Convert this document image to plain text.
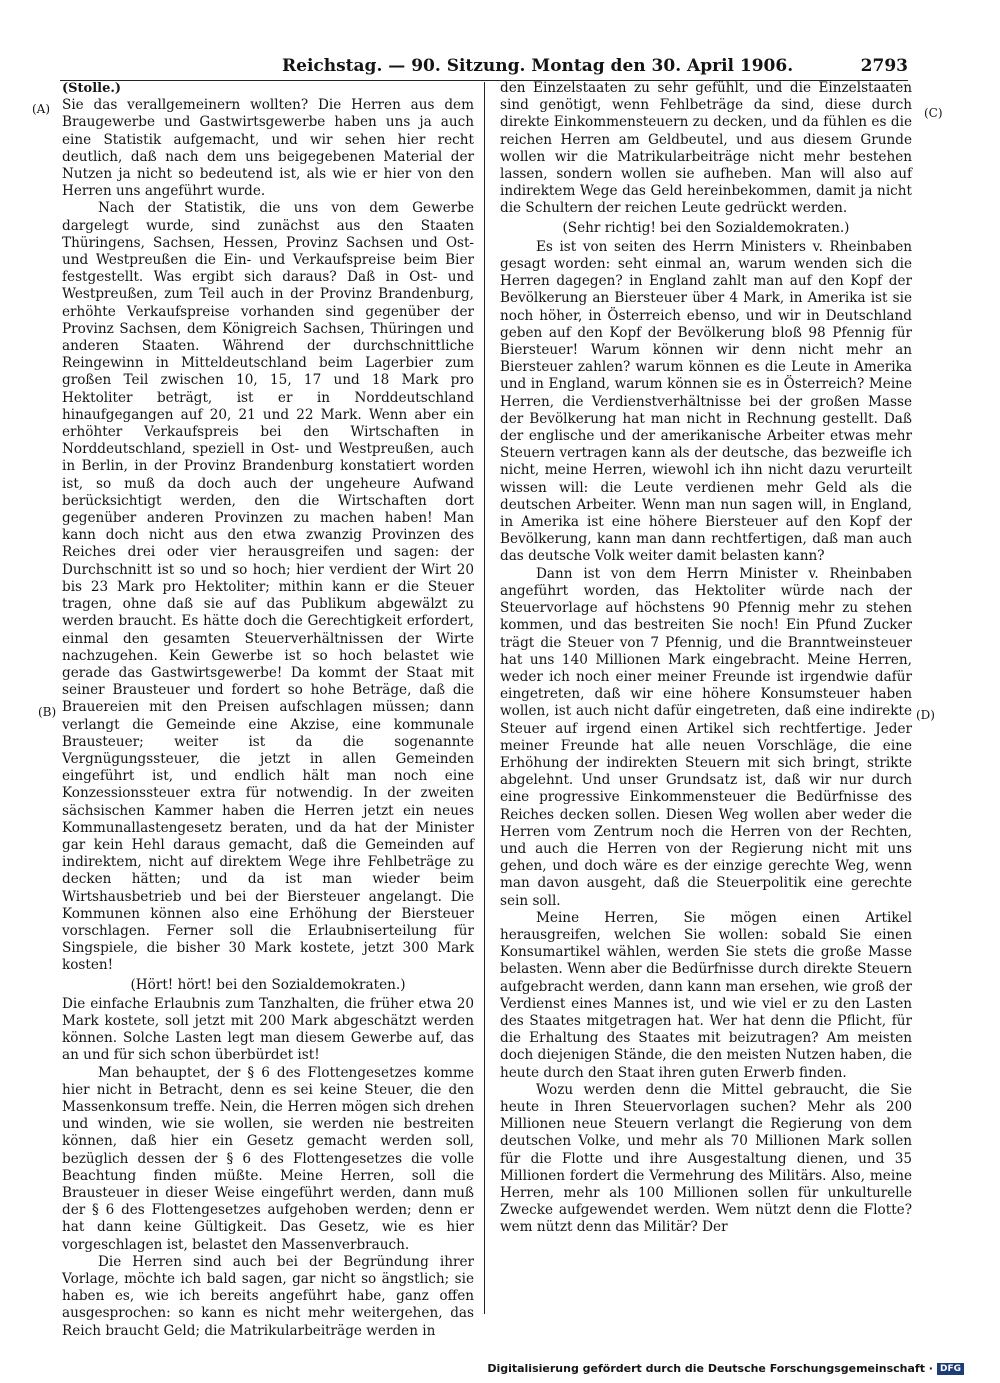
Reichstag. — 90. Sitzung. Montag den 30. April 1906.	2793
(A)
(B)
(C)
(D)

(Stolle.)

Sie das verallgemeinern wollten? Die Herren aus dem Braugewerbe und Gastwirtsgewerbe haben uns ja auch eine Statistik aufgemacht, und wir sehen hier recht deutlich, daß nach dem uns beigegebenen Material der Nutzen ja nicht so bedeutend ist, als wie er hier von den Herren uns angeführt wurde.

Nach der Statistik, die uns von dem Gewerbe dargelegt wurde, sind zunächst aus den Staaten Thüringens, Sachsen, Hessen, Provinz Sachsen und Ost- und Westpreußen die Ein- und Verkaufspreise beim Bier festgestellt. Was ergibt sich daraus? Daß in Ost- und Westpreußen, zum Teil auch in der Provinz Brandenburg, erhöhte Verkaufspreise vorhanden sind gegenüber der Provinz Sachsen, dem Königreich Sachsen, Thüringen und anderen Staaten. Während der durchschnittliche Reingewinn in Mitteldeutschland beim Lagerbier zum großen Teil zwischen 10, 15, 17 und 18 Mark pro Hektoliter beträgt, ist er in Norddeutschland hinaufgegangen auf 20, 21 und 22 Mark. Wenn aber ein erhöhter Verkaufspreis bei den Wirtschaften in Norddeutschland, speziell in Ost- und Westpreußen, auch in Berlin, in der Provinz Brandenburg konstatiert worden ist, so muß da doch auch der ungeheure Aufwand berücksichtigt werden, den die Wirtschaften dort gegenüber anderen Provinzen zu machen haben! Man kann doch nicht aus den etwa zwanzig Provinzen des Reiches drei oder vier herausgreifen und sagen: der Durchschnitt ist so und so hoch; hier verdient der Wirt 20 bis 23 Mark pro Hektoliter; mithin kann er die Steuer tragen, ohne daß sie auf das Publikum abgewälzt zu werden braucht. Es hätte doch die Gerechtigkeit erfordert, einmal den gesamten Steuerverhältnissen der Wirte nachzugehen. Kein Gewerbe ist so hoch belastet wie gerade das Gastwirtsgewerbe! Da kommt der Staat mit seiner Brausteuer und fordert so hohe Beträge, daß die Brauereien mit den Preisen aufschlagen müssen; dann verlangt die Gemeinde eine Akzise, eine kommunale Brausteuer; weiter ist da die sogenannte Vergnügungssteuer, die jetzt in allen Gemeinden eingeführt ist, und endlich hält man noch eine Konzessionssteuer extra für notwendig. In der zweiten sächsischen Kammer haben die Herren jetzt ein neues Kommunallastengesetz beraten, und da hat der Minister gar kein Hehl daraus gemacht, daß die Gemeinden auf indirektem, nicht auf direktem Wege ihre Fehlbeträge zu decken hätten; und da ist man wieder beim Wirtshausbetrieb und bei der Biersteuer angelangt. Die Kommunen können also eine Erhöhung der Biersteuer vorschlagen. Ferner soll die Erlaubniserteilung für Singspiele, die bisher 30 Mark kostete, jetzt 300 Mark kosten!

(Hört! hört! bei den Sozialdemokraten.)

Die einfache Erlaubnis zum Tanzhalten, die früher etwa 20 Mark kostete, soll jetzt mit 200 Mark abgeschätzt werden können. Solche Lasten legt man diesem Gewerbe auf, das an und für sich schon überbürdet ist!

Man behauptet, der § 6 des Flottengesetzes komme hier nicht in Betracht, denn es sei keine Steuer, die den Massenkonsum treffe. Nein, die Herren mögen sich drehen und winden, wie sie wollen, sie werden nie bestreiten können, daß hier ein Gesetz gemacht werden soll, bezüglich dessen der § 6 des Flottengesetzes die volle Beachtung finden müßte. Meine Herren, soll die Brausteuer in dieser Weise eingeführt werden, dann muß der § 6 des Flottengesetzes aufgehoben werden; denn er hat dann keine Gültigkeit. Das Gesetz, wie es hier vorgeschlagen ist, belastet den Massenverbrauch.

Die Herren sind auch bei der Begründung ihrer Vorlage, möchte ich bald sagen, gar nicht so ängstlich; sie haben es, wie ich bereits angeführt habe, ganz offen ausgesprochen: so kann es nicht mehr weitergehen, das Reich braucht Geld; die Matrikularbeiträge werden in

den Einzelstaaten zu sehr gefühlt, und die Einzelstaaten sind genötigt, wenn Fehlbeträge da sind, diese durch direkte Einkommensteuern zu decken, und da fühlen es die reichen Herren am Geldbeutel, und aus diesem Grunde wollen wir die Matrikularbeiträge nicht mehr bestehen lassen, sondern wollen sie aufheben. Man will also auf indirektem Wege das Geld hereinbekommen, damit ja nicht die Schultern der reichen Leute gedrückt werden.

(Sehr richtig! bei den Sozialdemokraten.)

Es ist von seiten des Herrn Ministers v. Rheinbaben gesagt worden: seht einmal an, warum wenden sich die Herren dagegen? in England zahlt man auf den Kopf der Bevölkerung an Biersteuer über 4 Mark, in Amerika ist sie noch höher, in Österreich ebenso, und wir in Deutschland geben auf den Kopf der Bevölkerung bloß 98 Pfennig für Biersteuer! Warum können wir denn nicht mehr an Biersteuer zahlen? warum können es die Leute in Amerika und in England, warum können sie es in Österreich? Meine Herren, die Verdienstverhältnisse bei der großen Masse der Bevölkerung hat man nicht in Rechnung gestellt. Daß der englische und der amerikanische Arbeiter etwas mehr Steuern vertragen kann als der deutsche, das bezweifle ich nicht, meine Herren, wiewohl ich ihn nicht dazu verurteilt wissen will: die Leute verdienen mehr Geld als die deutschen Arbeiter. Wenn man nun sagen will, in England, in Amerika ist eine höhere Biersteuer auf den Kopf der Bevölkerung, kann man dann rechtfertigen, daß man auch das deutsche Volk weiter damit belasten kann?

Dann ist von dem Herrn Minister v. Rheinbaben angeführt worden, das Hektoliter würde nach der Steuervorlage auf höchstens 90 Pfennig mehr zu stehen kommen, und das bestreiten Sie noch! Ein Pfund Zucker trägt die Steuer von 7 Pfennig, und die Branntweinsteuer hat uns 140 Millionen Mark eingebracht. Meine Herren, weder ich noch einer meiner Freunde ist irgendwie dafür eingetreten, daß wir eine höhere Konsumsteuer haben wollen, ist auch nicht dafür eingetreten, daß eine indirekte Steuer auf irgend einen Artikel sich rechtfertige. Jeder meiner Freunde hat alle neuen Vorschläge, die eine Erhöhung der indirekten Steuern mit sich bringt, strikte abgelehnt. Und unser Grundsatz ist, daß wir nur durch eine progressive Einkommensteuer die Bedürfnisse des Reiches decken sollen. Diesen Weg wollen aber weder die Herren vom Zentrum noch die Herren von der Rechten, und auch die Herren von der Regierung nicht mit uns gehen, und doch wäre es der einzige gerechte Weg, wenn man davon ausgeht, daß die Steuerpolitik eine gerechte sein soll.

Meine Herren, Sie mögen einen Artikel herausgreifen, welchen Sie wollen: sobald Sie einen Konsumartikel wählen, werden Sie stets die große Masse belasten. Wenn aber die Bedürfnisse durch direkte Steuern aufgebracht werden, dann kann man ersehen, wie groß der Verdienst eines Mannes ist, und wie viel er zu den Lasten des Staates mitgetragen hat. Wer hat denn die Pflicht, für die Erhaltung des Staates mit beizutragen? Am meisten doch diejenigen Stände, die den meisten Nutzen haben, die heute durch den Staat ihren guten Erwerb finden.

Wozu werden denn die Mittel gebraucht, die Sie heute in Ihren Steuervorlagen suchen? Mehr als 200 Millionen neue Steuern verlangt die Regierung von dem deutschen Volke, und mehr als 70 Millionen Mark sollen für die Flotte und ihre Ausgestaltung dienen, und 35 Millionen fordert die Vermehrung des Militärs. Also, meine Herren, mehr als 100 Millionen sollen für unkulturelle Zwecke aufgewendet werden. Wem nützt denn die Flotte? wem nützt denn das Militär? Der

Digitalisierung gefördert durch die Deutsche Forschungsgemeinschaft · DFG
